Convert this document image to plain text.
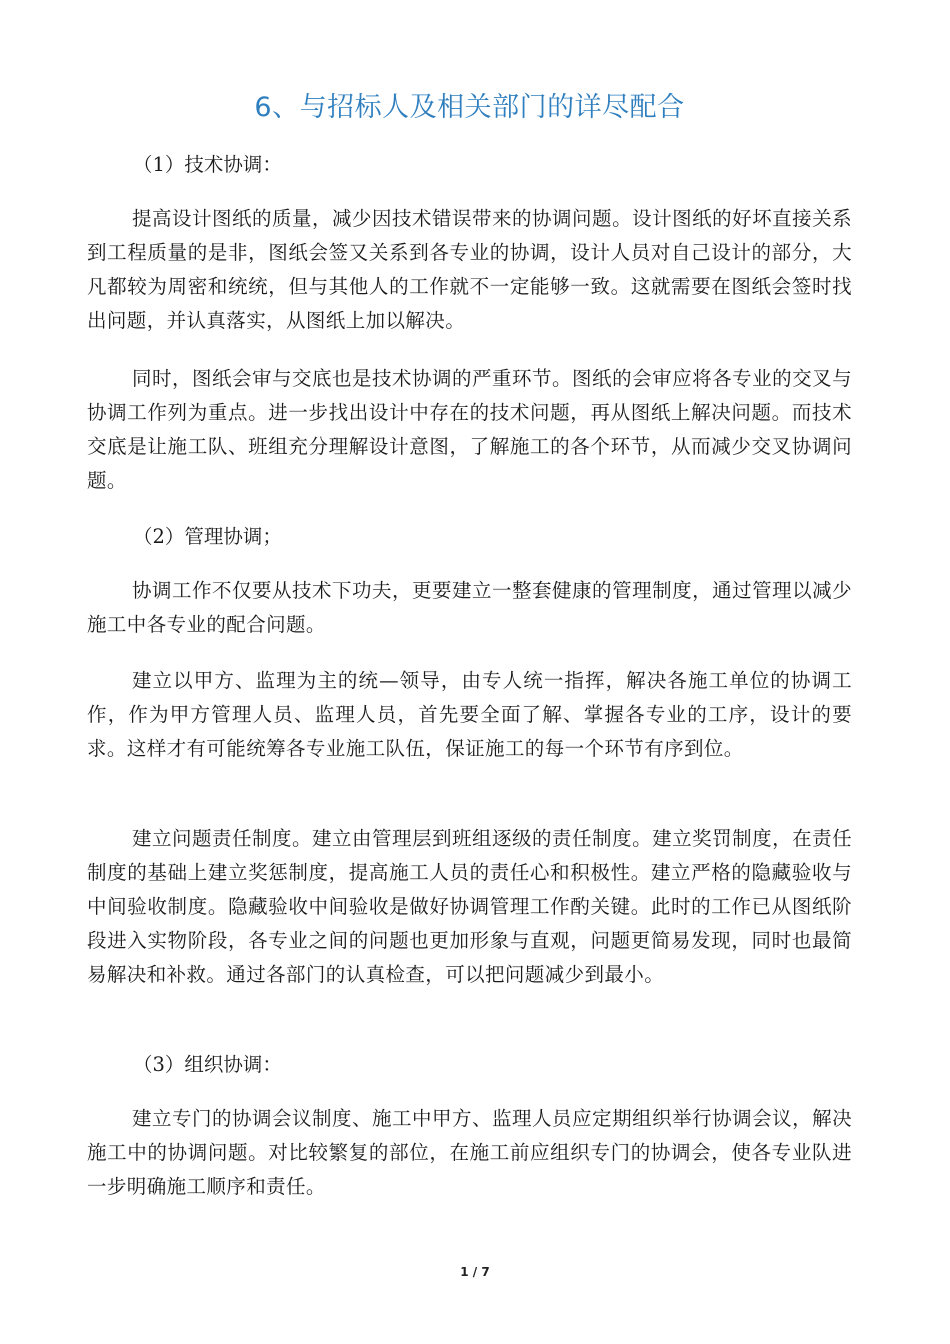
6、与招标人及相关部门的详尽配合

（1）技术协调：

提高设计图纸的质量，减少因技术错误带来的协调问题。设计图纸的好坏直接关系到工程质量的是非，图纸会签又关系到各专业的协调，设计人员对自己设计的部分，大凡都较为周密和统统，但与其他人的工作就不一定能够一致。这就需要在图纸会签时找出问题，并认真落实，从图纸上加以解决。

同时，图纸会审与交底也是技术协调的严重环节。图纸的会审应将各专业的交叉与协调工作列为重点。进一步找出设计中存在的技术问题，再从图纸上解决问题。而技术交底是让施工队、班组充分理解设计意图，了解施工的各个环节，从而减少交叉协调问题。

（2）管理协调；

协调工作不仅要从技术下功夫，更要建立一整套健康的管理制度，通过管理以减少施工中各专业的配合问题。

建立以甲方、监理为主的统—领导，由专人统一指挥，解决各施工单位的协调工作，作为甲方管理人员、监理人员，首先要全面了解、掌握各专业的工序，设计的要求。这样才有可能统筹各专业施工队伍，保证施工的每一个环节有序到位。

建立问题责任制度。建立由管理层到班组逐级的责任制度。建立奖罚制度，在责任制度的基础上建立奖惩制度，提高施工人员的责任心和积极性。建立严格的隐藏验收与中间验收制度。隐藏验收中间验收是做好协调管理工作酌关键。此时的工作已从图纸阶段进入实物阶段，各专业之间的问题也更加形象与直观，问题更简易发现，同时也最简易解决和补救。通过各部门的认真检查，可以把问题减少到最小。

（3）组织协调：

建立专门的协调会议制度、施工中甲方、监理人员应定期组织举行协调会议，解决施工中的协调问题。对比较繁复的部位，在施工前应组织专门的协调会，使各专业队进一步明确施工顺序和责任。

1 / 7
